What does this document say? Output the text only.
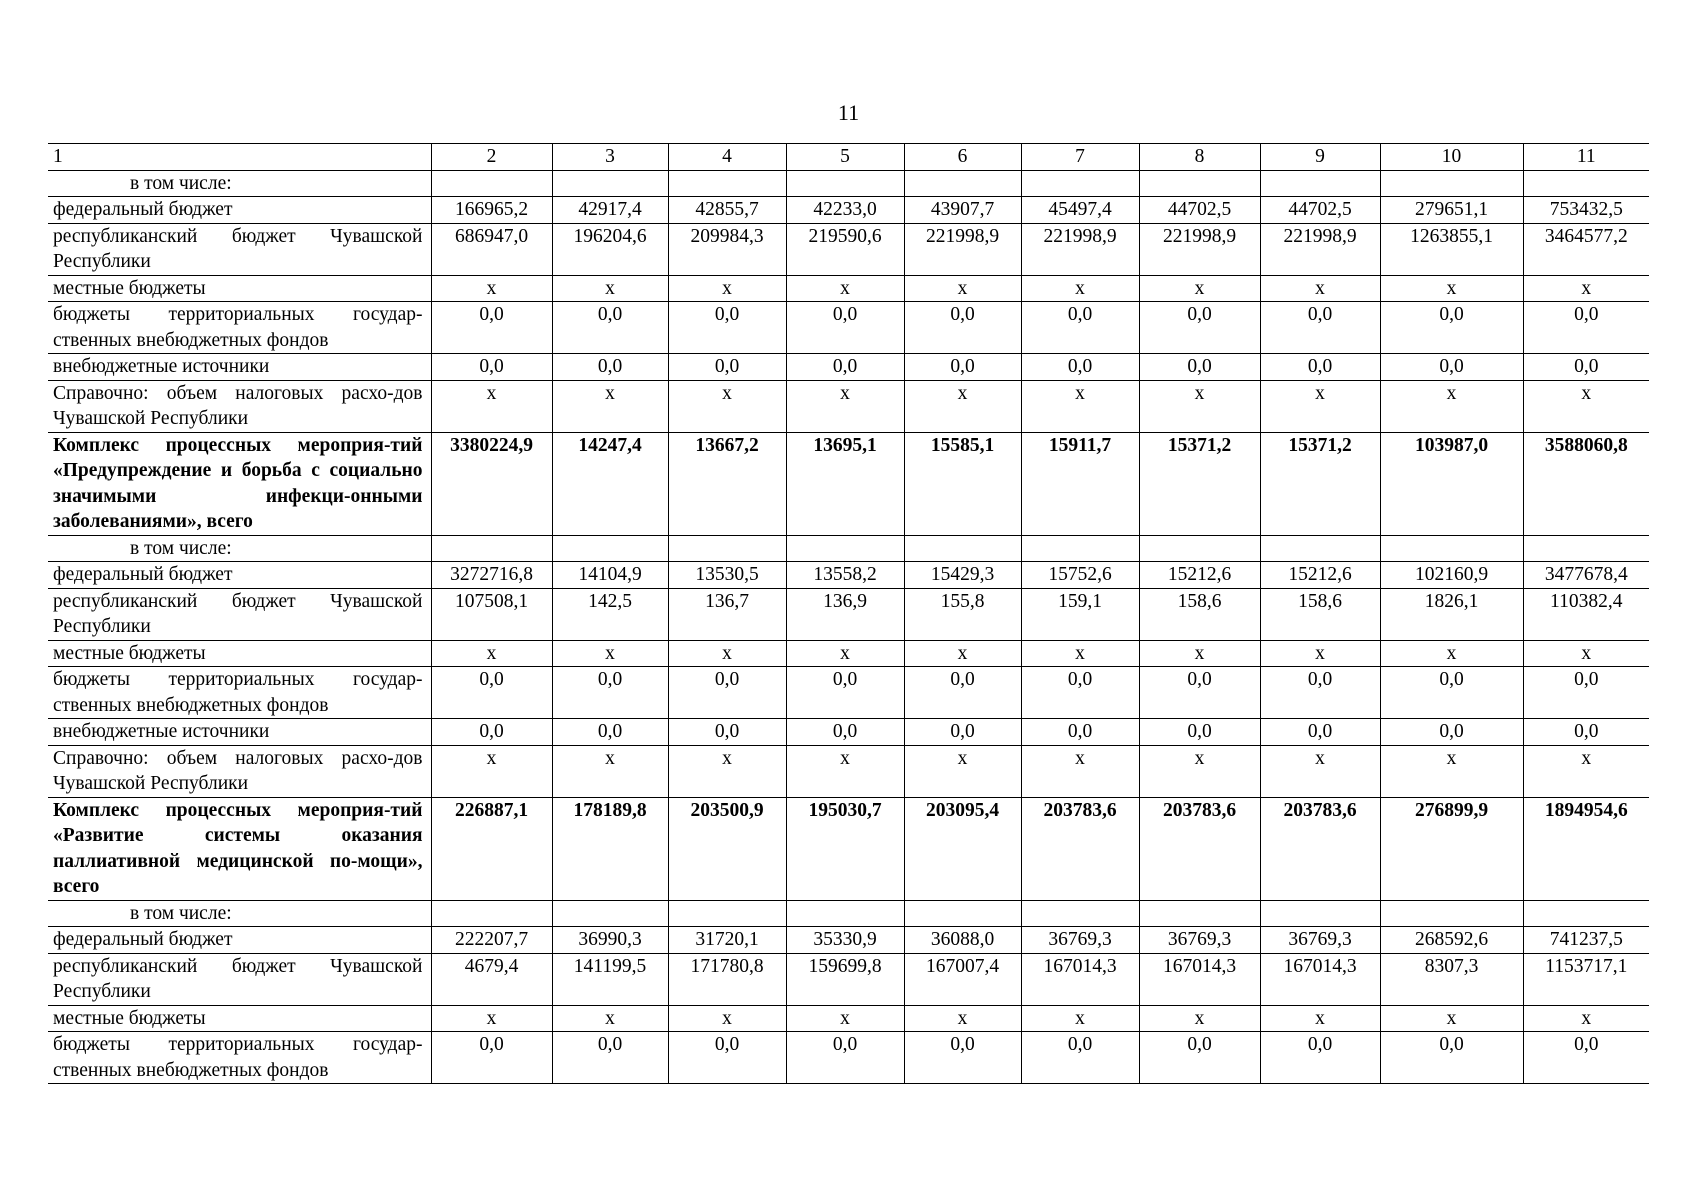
11
1	2	3	4	5	6	7	8	9	10	11
в том числе:										
федеральный бюджет	166965,2	42917,4	42855,7	42233,0	43907,7	45497,4	44702,5	44702,5	279651,1	753432,5
республиканский бюджет Чувашской Республики	686947,0	196204,6	209984,3	219590,6	221998,9	221998,9	221998,9	221998,9	1263855,1	3464577,2
местные бюджеты	x	x	x	x	x	x	x	x	x	x
бюджеты территориальных государ-ственных внебюджетных фондов	0,0	0,0	0,0	0,0	0,0	0,0	0,0	0,0	0,0	0,0
внебюджетные источники	0,0	0,0	0,0	0,0	0,0	0,0	0,0	0,0	0,0	0,0
Справочно: объем налоговых расхо-дов Чувашской Республики	x	x	x	x	x	x	x	x	x	x
Комплекс процессных мероприя-тий «Предупреждение и борьба с социально значимыми инфекци-онными заболеваниями», всего	3380224,9	14247,4	13667,2	13695,1	15585,1	15911,7	15371,2	15371,2	103987,0	3588060,8
в том числе:										
федеральный бюджет	3272716,8	14104,9	13530,5	13558,2	15429,3	15752,6	15212,6	15212,6	102160,9	3477678,4
республиканский бюджет Чувашской Республики	107508,1	142,5	136,7	136,9	155,8	159,1	158,6	158,6	1826,1	110382,4
местные бюджеты	x	x	x	x	x	x	x	x	x	x
бюджеты территориальных государ-ственных внебюджетных фондов	0,0	0,0	0,0	0,0	0,0	0,0	0,0	0,0	0,0	0,0
внебюджетные источники	0,0	0,0	0,0	0,0	0,0	0,0	0,0	0,0	0,0	0,0
Справочно: объем налоговых расхо-дов Чувашской Республики	x	x	x	x	x	x	x	x	x	x
Комплекс процессных мероприя-тий «Развитие системы оказания паллиативной медицинской по-мощи», всего	226887,1	178189,8	203500,9	195030,7	203095,4	203783,6	203783,6	203783,6	276899,9	1894954,6
в том числе:										
федеральный бюджет	222207,7	36990,3	31720,1	35330,9	36088,0	36769,3	36769,3	36769,3	268592,6	741237,5
республиканский бюджет Чувашской Республики	4679,4	141199,5	171780,8	159699,8	167007,4	167014,3	167014,3	167014,3	8307,3	1153717,1
местные бюджеты	x	x	x	x	x	x	x	x	x	x
бюджеты территориальных государ-ственных внебюджетных фондов	0,0	0,0	0,0	0,0	0,0	0,0	0,0	0,0	0,0	0,0
